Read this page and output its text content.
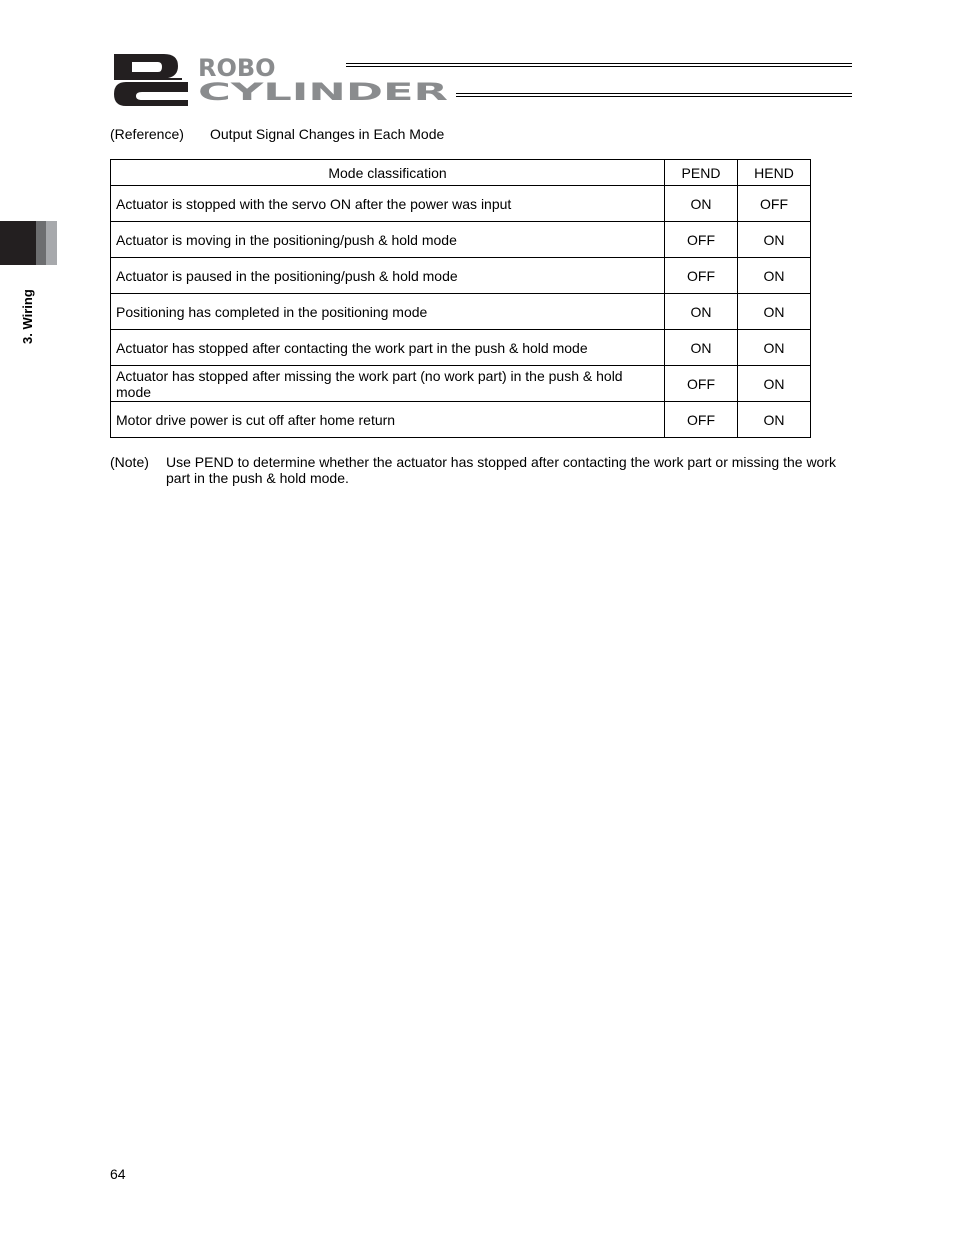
ROBO
CYLINDER
3. Wiring
(Reference) Output Signal Changes in Each Mode
Mode classification	PEND	HEND
Actuator is stopped with the servo ON after the power was input	ON	OFF
Actuator is moving in the positioning/push & hold mode	OFF	ON
Actuator is paused in the positioning/push & hold mode	OFF	ON
Positioning has completed in the positioning mode	ON	ON
Actuator has stopped after contacting the work part in the push & hold mode	ON	ON
Actuator has stopped after missing the work part (no work part) in the push & hold mode	OFF	ON
Motor drive power is cut off after home return	OFF	ON
(Note) Use PEND to determine whether the actuator has stopped after contacting the work part or missing the work part in the push & hold mode.
64
